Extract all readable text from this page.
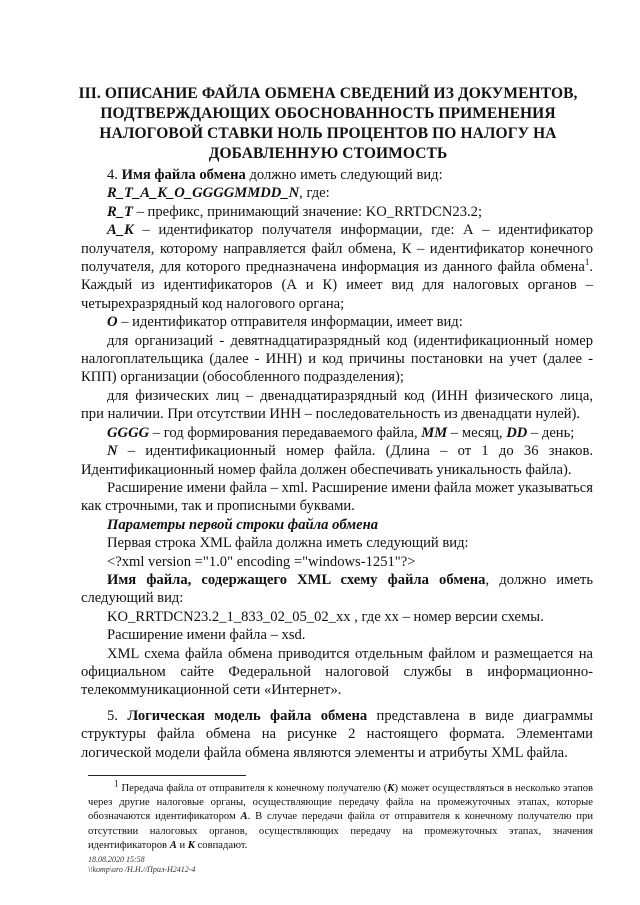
III. ОПИСАНИЕ ФАЙЛА ОБМЕНА СВЕДЕНИЙ ИЗ ДОКУМЕНТОВ,
ПОДТВЕРЖДАЮЩИХ ОБОСНОВАННОСТЬ ПРИМЕНЕНИЯ
НАЛОГОВОЙ СТАВКИ НОЛЬ ПРОЦЕНТОВ ПО НАЛОГУ НА
ДОБАВЛЕННУЮ СТОИМОСТЬ

4. Имя файла обмена должно иметь следующий вид:

R_T_A_K_O_GGGGMMDD_N, где:

R_T – префикс, принимающий значение: KO_RRTDCN23.2;

A_K – идентификатор получателя информации, где: А – идентификатор получателя, которому направляется файл обмена, К – идентификатор конечного получателя, для которого предназначена информация из данного файла обмена$^1$. Каждый из идентификаторов (А и К) имеет вид для налоговых органов – четырехразрядный код налогового органа;

О – идентификатор отправителя информации, имеет вид:

для организаций - девятнадцатиразрядный код (идентификационный номер налогоплательщика (далее - ИНН) и код причины постановки на учет (далее - КПП) организации (обособленного подразделения);

для физических лиц – двенадцатиразрядный код (ИНН физического лица, при наличии. При отсутствии ИНН – последовательность из двенадцати нулей).

GGGG – год формирования передаваемого файла, MM – месяц, DD – день;

N – идентификационный номер файла. (Длина – от 1 до 36 знаков. Идентификационный номер файла должен обеспечивать уникальность файла).

Расширение имени файла – xml. Расширение имени файла может указываться как строчными, так и прописными буквами.

Параметры первой строки файла обмена

Первая строка XML файла должна иметь следующий вид:

<?xml version ="1.0" encoding ="windows-1251"?>

Имя файла, содержащего XML схему файла обмена, должно иметь следующий вид:

KO_RRTDCN23.2_1_833_02_05_02_xx , где хх – номер версии схемы.

Расширение имени файла – xsd.

XML схема файла обмена приводится отдельным файлом и размещается на официальном сайте Федеральной налоговой службы в информационно-телекоммуникационной сети «Интернет».

5. Логическая модель файла обмена представлена в виде диаграммы структуры файла обмена на рисунке 2 настоящего формата. Элементами логической модели файла обмена являются элементы и атрибуты XML файла.

$^1$ Передача файла от отправителя к конечному получателю (К) может осуществляться в несколько этапов через другие налоговые органы, осуществляющие передачу файла на промежуточных этапах, которые обозначаются идентификатором А. В случае передачи файла от отправителя к конечному получателю при отсутствии налоговых органов, осуществляющих передачу на промежуточных этапах, значения идентификаторов А и К совпадают.

18.08.2020 15:58
\\komp\uro /Н.Н.//Прил-Н2412-4
